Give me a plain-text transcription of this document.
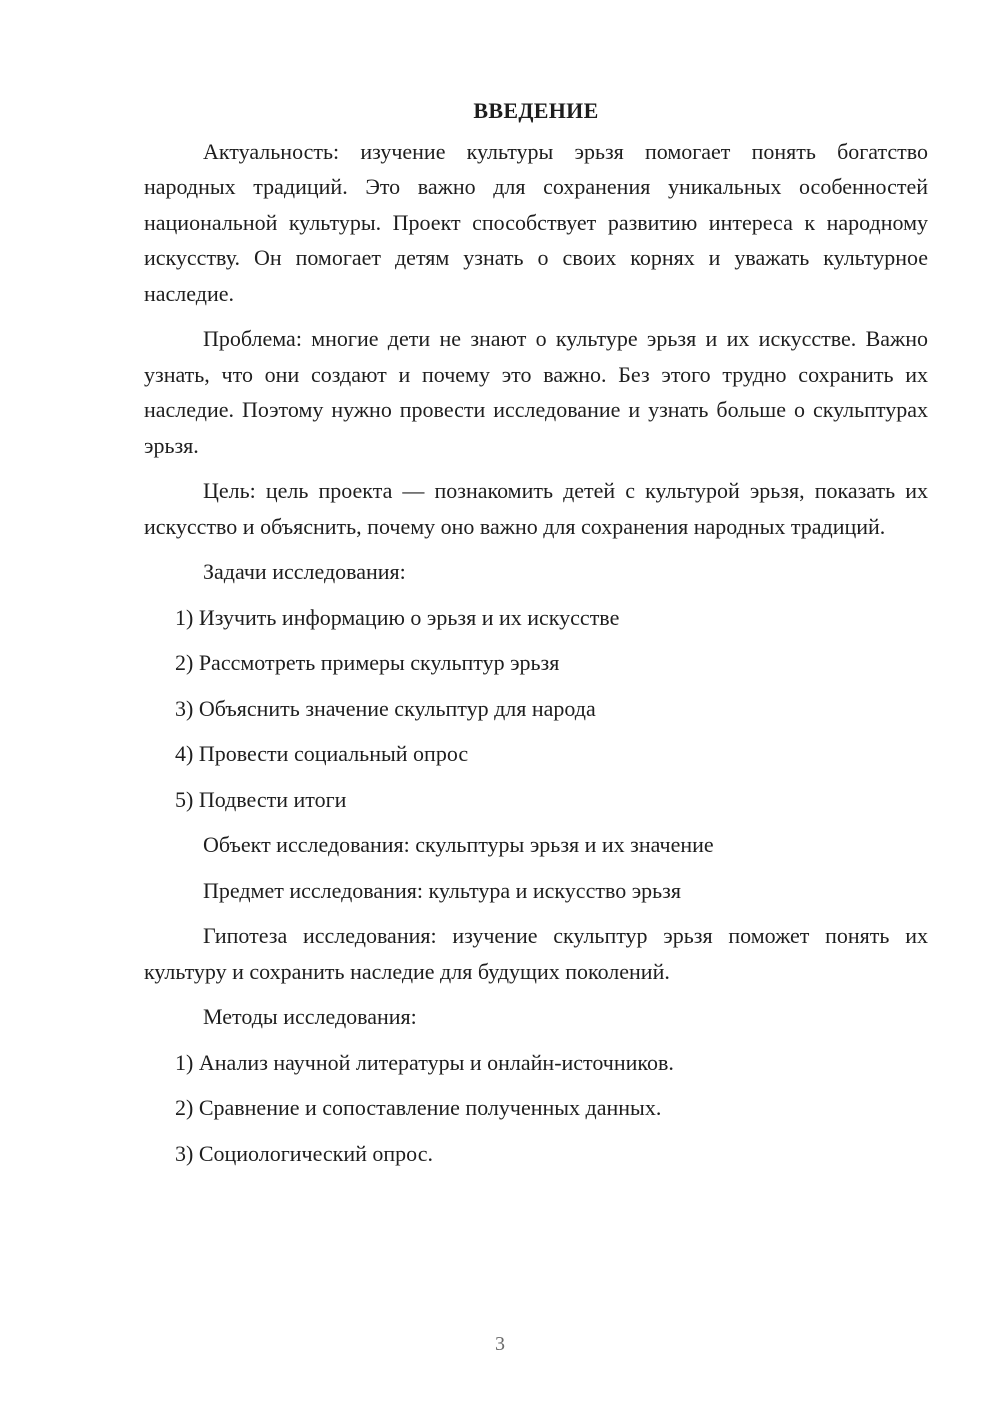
ВВЕДЕНИЕ

Актуальность: изучение культуры эрьзя помогает понять богатство народных традиций. Это важно для сохранения уникальных особенностей национальной культуры. Проект способствует развитию интереса к народному искусству. Он помогает детям узнать о своих корнях и уважать культурное наследие.

Проблема: многие дети не знают о культуре эрьзя и их искусстве. Важно узнать, что они создают и почему это важно. Без этого трудно сохранить их наследие. Поэтому нужно провести исследование и узнать больше о скульптурах эрьзя.

Цель: цель проекта — познакомить детей с культурой эрьзя, показать их искусство и объяснить, почему оно важно для сохранения народных традиций.

Задачи исследования:

1) Изучить информацию о эрьзя и их искусстве

2) Рассмотреть примеры скульптур эрьзя

3) Объяснить значение скульптур для народа

4) Провести социальный опрос

5) Подвести итоги

Объект исследования: скульптуры эрьзя и их значение

Предмет исследования: культура и искусство эрьзя

Гипотеза исследования: изучение скульптур эрьзя поможет понять их культуру и сохранить наследие для будущих поколений.

Методы исследования:

1) Анализ научной литературы и онлайн-источников.

2) Сравнение и сопоставление полученных данных.

3) Социологический опрос.

3
